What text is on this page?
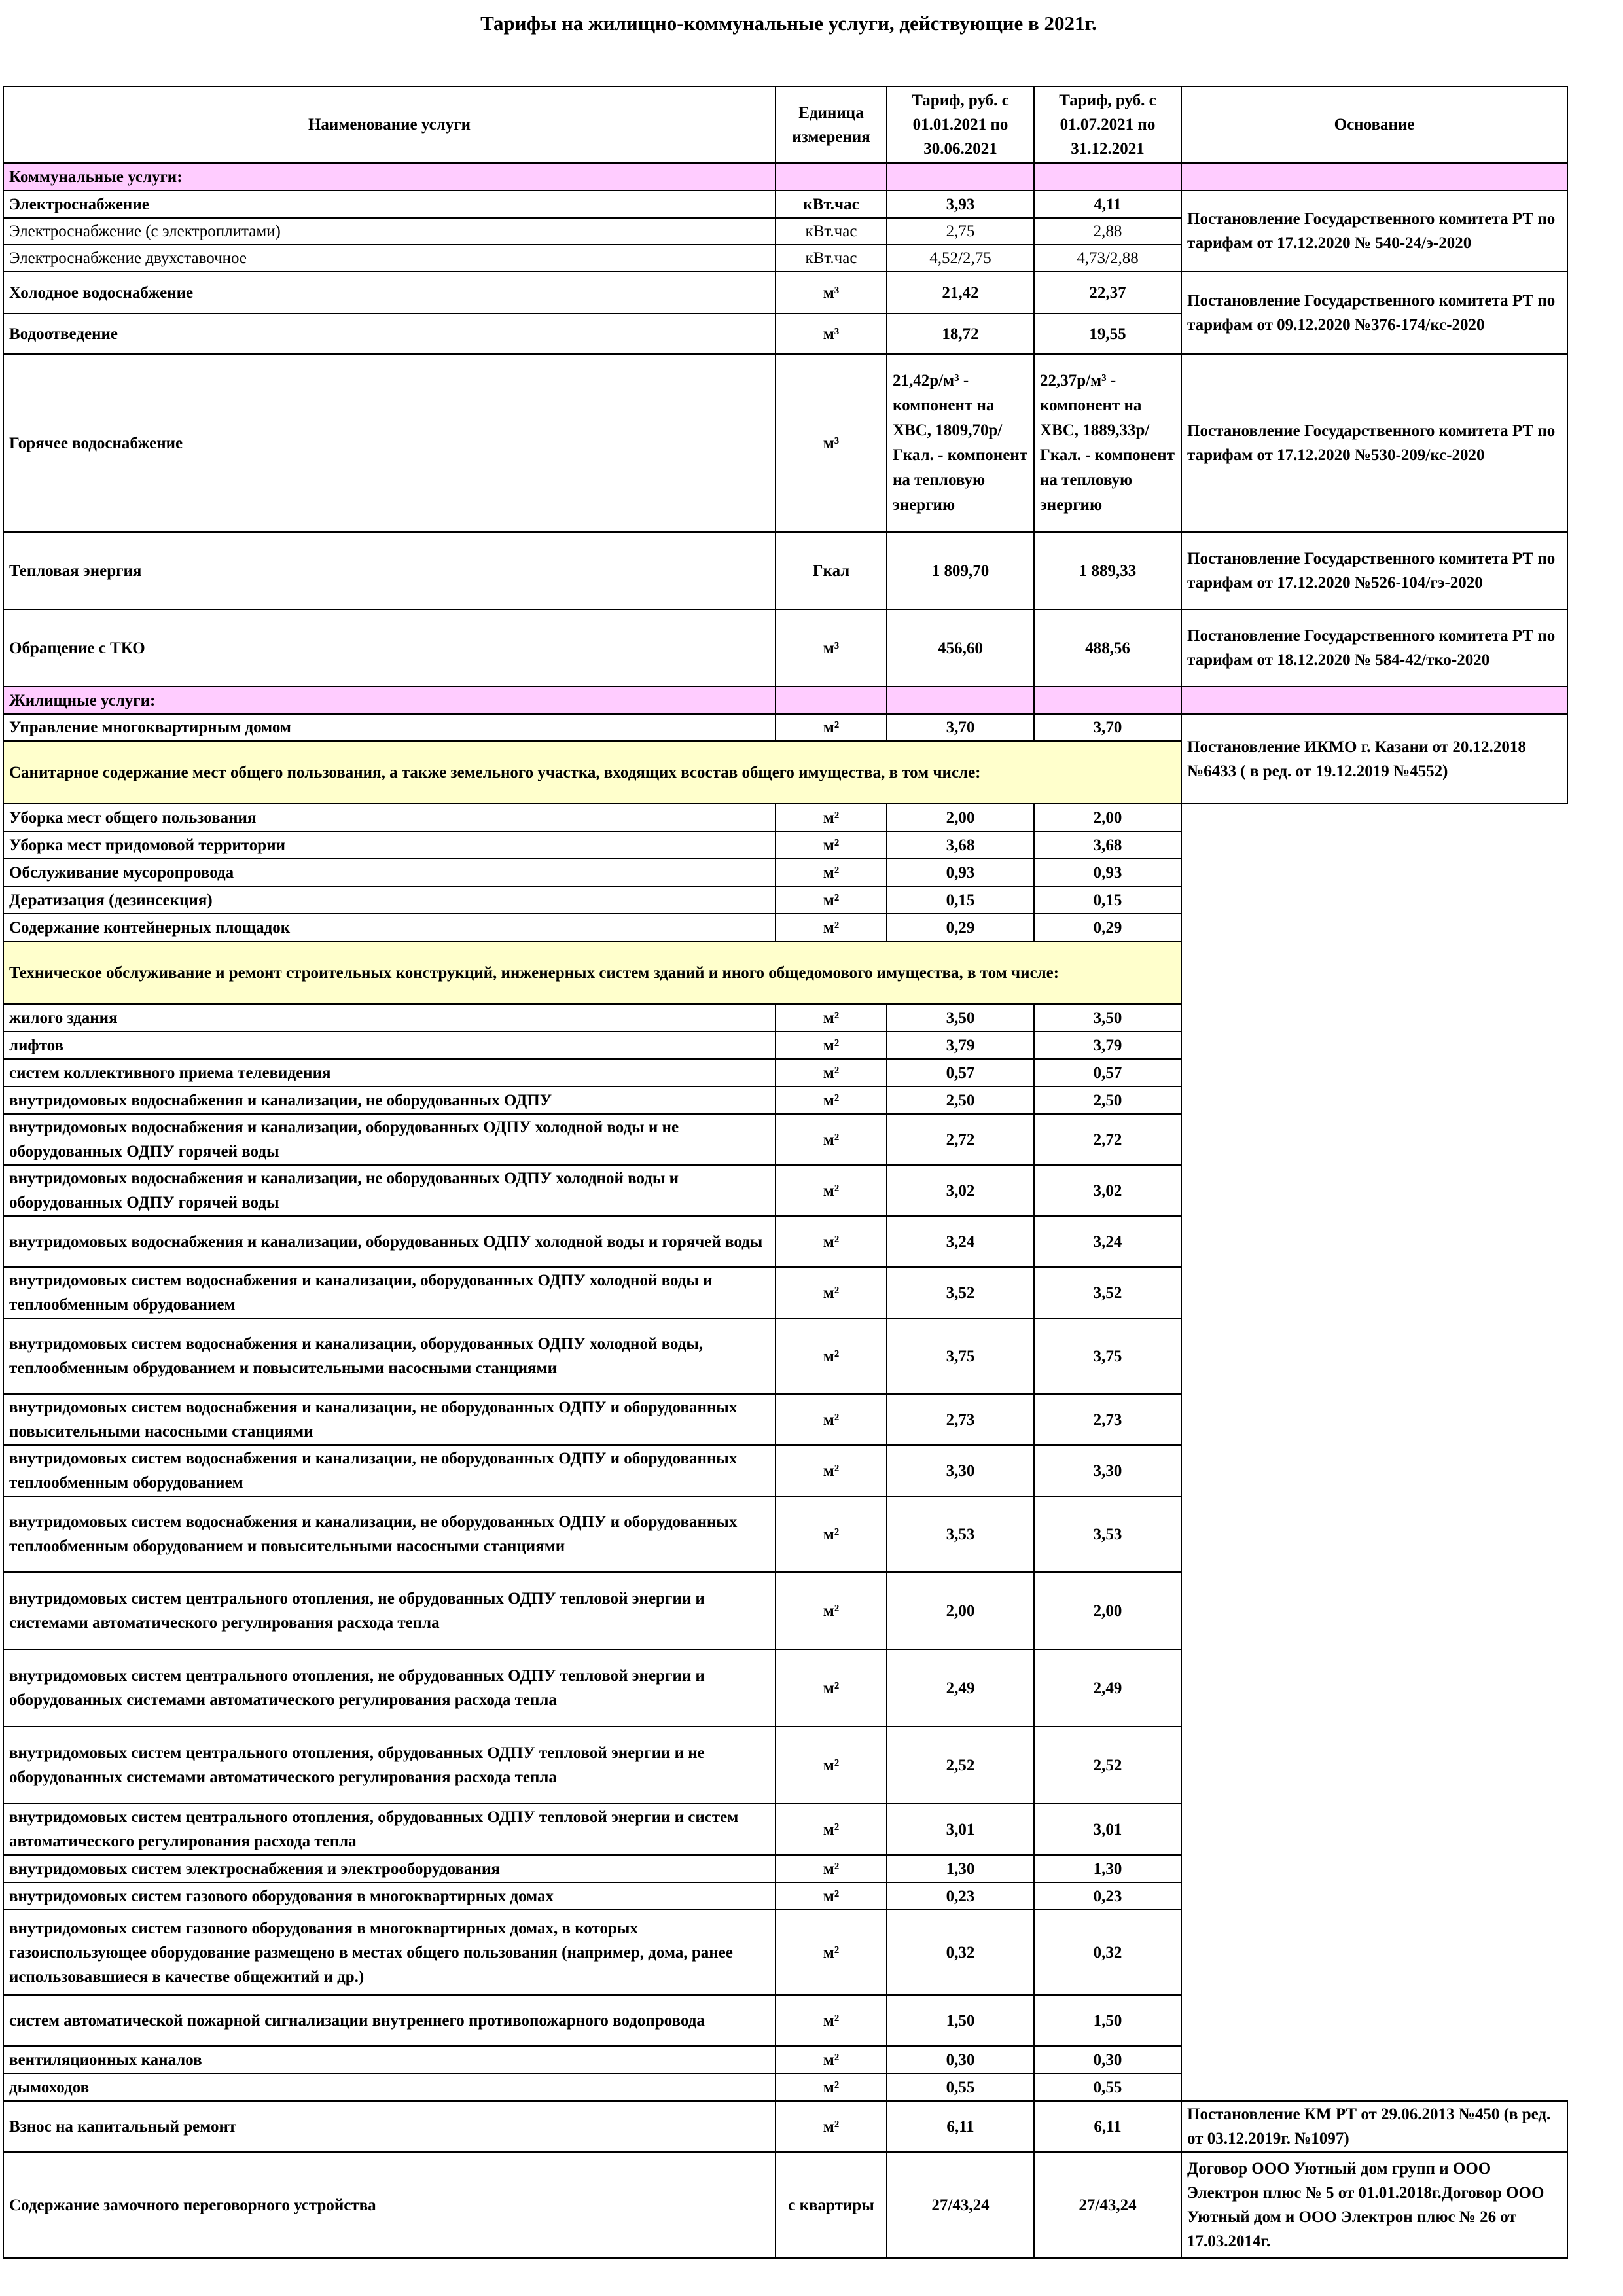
Тарифы на жилищно-коммунальные услуги, действующие в 2021г.
Наименование услуги	Единица измерения	Тариф, руб. с 01.01.2021 по 30.06.2021	Тариф, руб. с 01.07.2021 по 31.12.2021	Основание
Коммунальные услуги:				
Электроснабжение	кВт.час	3,93	4,11	Постановление Государственного комитета РТ по тарифам от 17.12.2020 № 540-24/э-2020
Электроснабжение (с электроплитами)	кВт.час	2,75	2,88	
Электроснабжение двухставочное	кВт.час	4,52/2,75	4,73/2,88	
Холодное водоснабжение	м³	21,42	22,37	Постановление Государственного комитета РТ по тарифам от 09.12.2020 №376-174/кс-2020
Водоотведение	м³	18,72	19,55	
Горячее водоснабжение	м³	21,42р/м³ - компонент на ХВС, 1809,70р/Гкал. - компонент на тепловую энергию	22,37р/м³ - компонент на ХВС, 1889,33р/Гкал. - компонент на тепловую энергию	Постановление Государственного комитета РТ по тарифам от 17.12.2020 №530-209/кс-2020
Тепловая энергия	Гкал	1 809,70	1 889,33	Постановление Государственного комитета РТ по тарифам от 17.12.2020 №526-104/гэ-2020
Обращение с ТКО	м³	456,60	488,56	Постановление Государственного комитета РТ по тарифам от 18.12.2020 № 584-42/тко-2020
Жилищные услуги:				
Управление многоквартирным домом	м²	3,70	3,70	Постановление ИКМО г. Казани от 20.12.2018 №6433 ( в ред. от 19.12.2019 №4552)
Санитарное содержание мест общего пользования, а также земельного участка, входящих всостав общего имущества, в том числе:				
Уборка мест общего пользования	м²	2,00	2,00	
Уборка мест придомовой территории	м²	3,68	3,68	
Обслуживание мусоропровода	м²	0,93	0,93	
Дератизация (дезинсекция)	м²	0,15	0,15	
Содержание контейнерных площадок	м²	0,29	0,29	
Техническое обслуживание и ремонт строительных конструкций, инженерных систем зданий и иного общедомового имущества, в том числе:				
жилого здания	м²	3,50	3,50	
лифтов	м²	3,79	3,79	
систем коллективного приема телевидения	м²	0,57	0,57	
внутридомовых водоснабжения и канализации, не оборудованных ОДПУ	м²	2,50	2,50	
внутридомовых водоснабжения и канализации, оборудованных ОДПУ холодной воды и не оборудованных ОДПУ горячей воды	м²	2,72	2,72	
внутридомовых водоснабжения и канализации, не оборудованных ОДПУ холодной воды и оборудованных ОДПУ горячей воды	м²	3,02	3,02	
внутридомовых водоснабжения и канализации, оборудованных ОДПУ холодной воды и горячей воды	м²	3,24	3,24	
внутридомовых систем водоснабжения и канализации, оборудованных ОДПУ холодной воды и теплообменным обрудованием	м²	3,52	3,52	
внутридомовых систем водоснабжения и канализации, оборудованных ОДПУ холодной воды, теплообменным обрудованием и повысительными насосными станциями	м²	3,75	3,75	
внутридомовых систем водоснабжения и канализации, не оборудованных ОДПУ и оборудованных повысительными насосными станциями	м²	2,73	2,73	
внутридомовых систем водоснабжения и канализации, не оборудованных ОДПУ и оборудованных теплообменным оборудованием	м²	3,30	3,30	
внутридомовых систем водоснабжения и канализации, не оборудованных ОДПУ и оборудованных теплообменным оборудованием и повысительными насосными станциями	м²	3,53	3,53	
внутридомовых систем центрального отопления, не обрудованных ОДПУ тепловой энергии и системами автоматического регулирования расхода тепла	м²	2,00	2,00	
внутридомовых систем центрального отопления, не обрудованных ОДПУ тепловой энергии и оборудованных системами автоматического регулирования расхода тепла	м²	2,49	2,49	
внутридомовых систем центрального отопления, обрудованных ОДПУ тепловой энергии и не оборудованных системами автоматического регулирования расхода тепла	м²	2,52	2,52	
внутридомовых систем центрального отопления, обрудованных ОДПУ тепловой энергии и систем автоматического регулирования расхода тепла	м²	3,01	3,01	
внутридомовых систем электроснабжения и электрооборудования	м²	1,30	1,30	
внутридомовых систем газового оборудования в многоквартирных домах	м²	0,23	0,23	
внутридомовых систем газового оборудования в многоквартирных домах, в которых газоиспользующее оборудование размещено в местах общего пользования (например, дома, ранее использовавшиеся в качестве общежитий и др.)	м²	0,32	0,32	
систем автоматической пожарной сигнализации внутреннего противопожарного водопровода	м²	1,50	1,50	
вентиляционных каналов	м²	0,30	0,30	
дымоходов	м²	0,55	0,55	
Взнос на капитальный ремонт	м²	6,11	6,11	Постановление КМ РТ от 29.06.2013 №450 (в ред. от 03.12.2019г. №1097)
Содержание замочного переговорного устройства	с квартиры	27/43,24	27/43,24	Договор ООО Уютный дом групп и ООО Электрон плюс № 5 от 01.01.2018г.Договор ООО Уютный дом и ООО Электрон плюс № 26 от 17.03.2014г.
